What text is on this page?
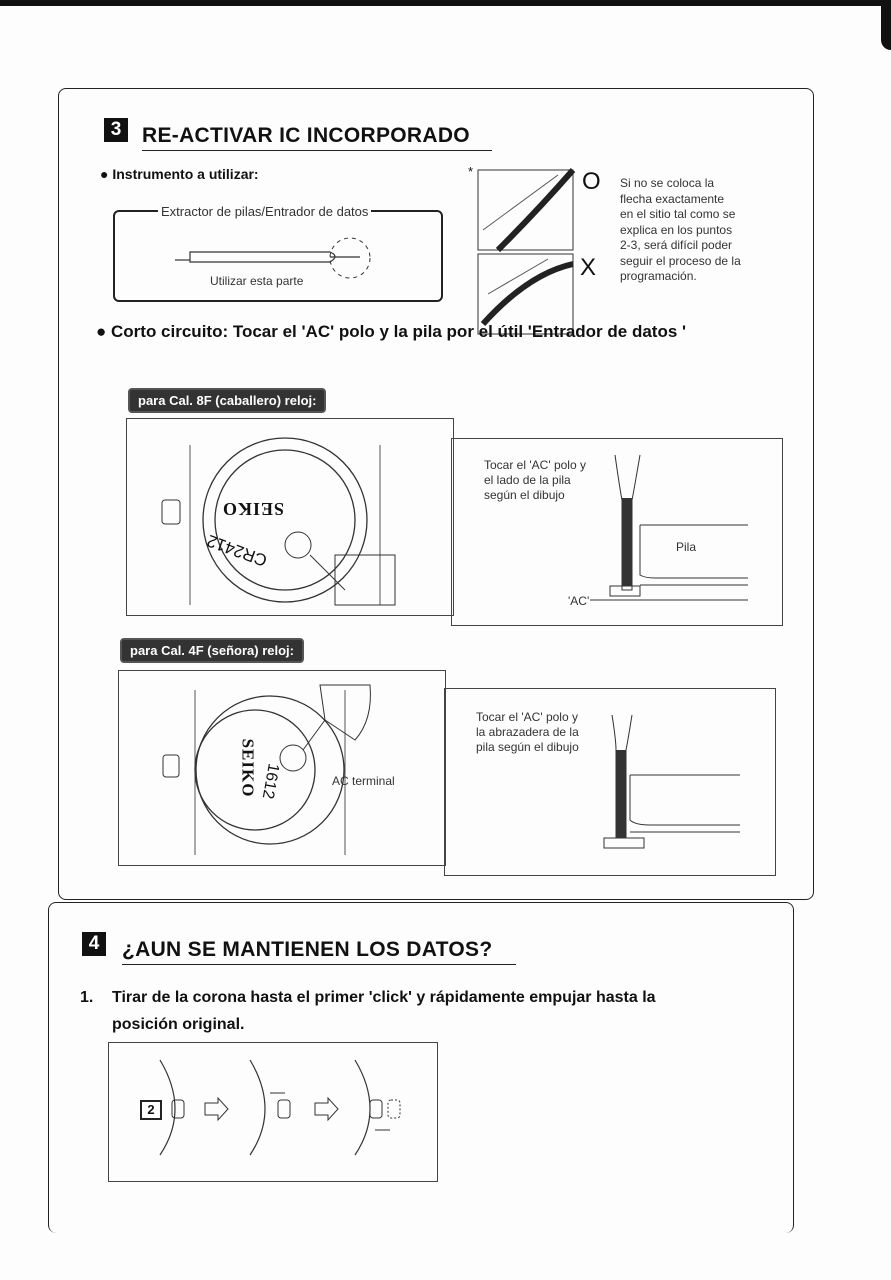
3 RE-ACTIVAR IC INCORPORADO
● Instrumento a utilizar:
Extractor de pilas/Entrador de datos
Utilizar esta parte
*	O
X
Si no se coloca la
flecha exactamente
en el sitio tal como se
explica en los puntos
2-3, será difícil poder
seguir el proceso de la
programación.
● Corto circuito: Tocar el 'AC' polo y la pila por el útil 'Entrador de datos '
para Cal. 8F (caballero) reloj:
SEIKO
CR2412
Tocar el 'AC' polo y
el lado de la pila
según el dibujo
Pila
'AC'
para Cal. 4F (señora) reloj:
SEIKO 1612	AC terminal
Tocar el 'AC' polo y
la abrazadera de la
pila según el dibujo
4	¿AUN SE MANTIENEN LOS DATOS?
1. Tirar de la corona hasta el primer 'click' y rápidamente empujar hasta la
posición original.
2
